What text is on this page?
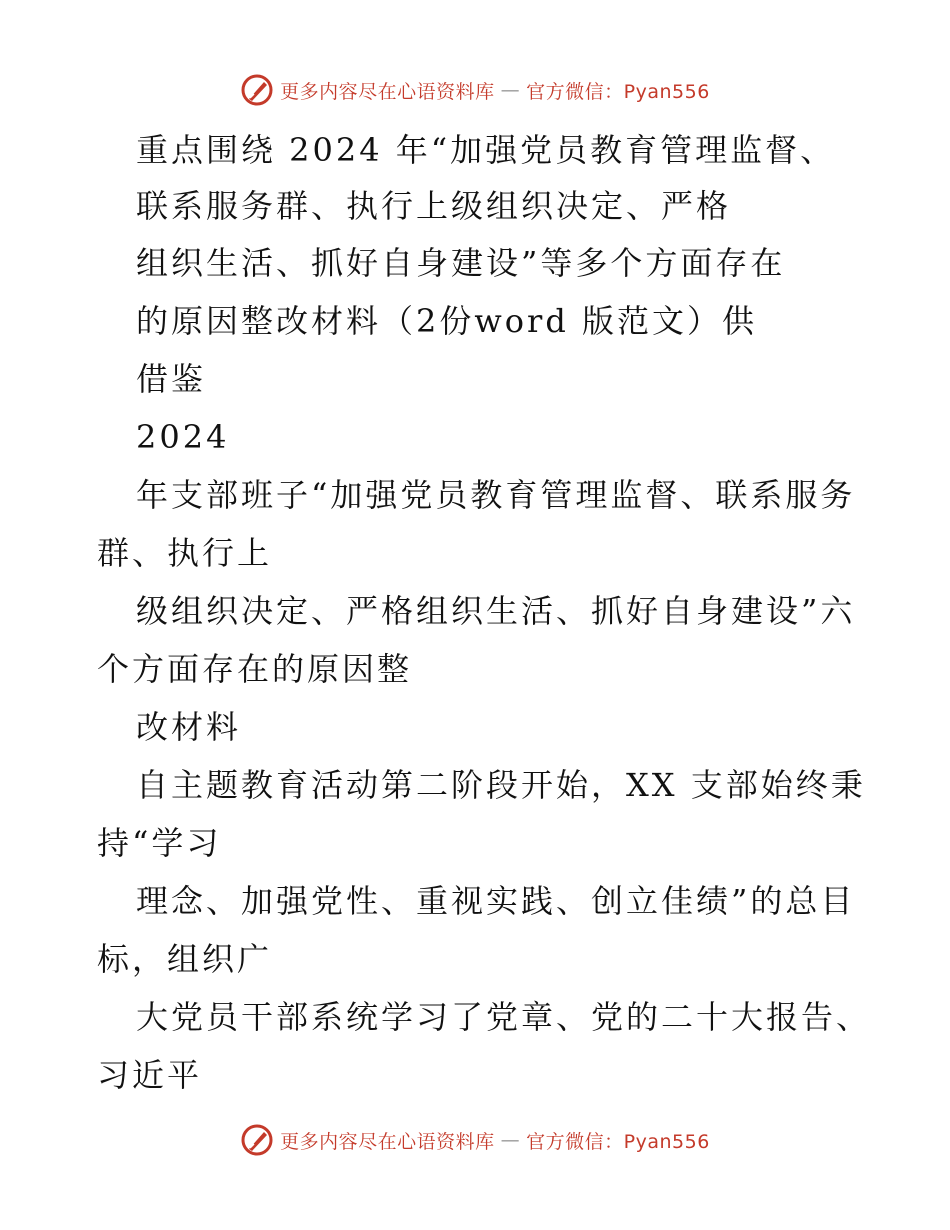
更多内容尽在心语资料库 — 官方微信：Pyan556
重点围绕 2024 年“加强党员教育管理监督、
联系服务群、执行上级组织决定、严格
组织生活、抓好自身建设”等多个方面存在
的原因整改材料（2份word 版范文）供
借鉴
2024
年支部班子“加强党员教育管理监督、联系服务
群、执行上
级组织决定、严格组织生活、抓好自身建设”六
个方面存在的原因整
改材料
自主题教育活动第二阶段开始，XX 支部始终秉
持“学习
理念、加强党性、重视实践、创立佳绩”的总目
标，组织广
大党员干部系统学习了党章、党的二十大报告、
习近平
更多内容尽在心语资料库 — 官方微信：Pyan556
